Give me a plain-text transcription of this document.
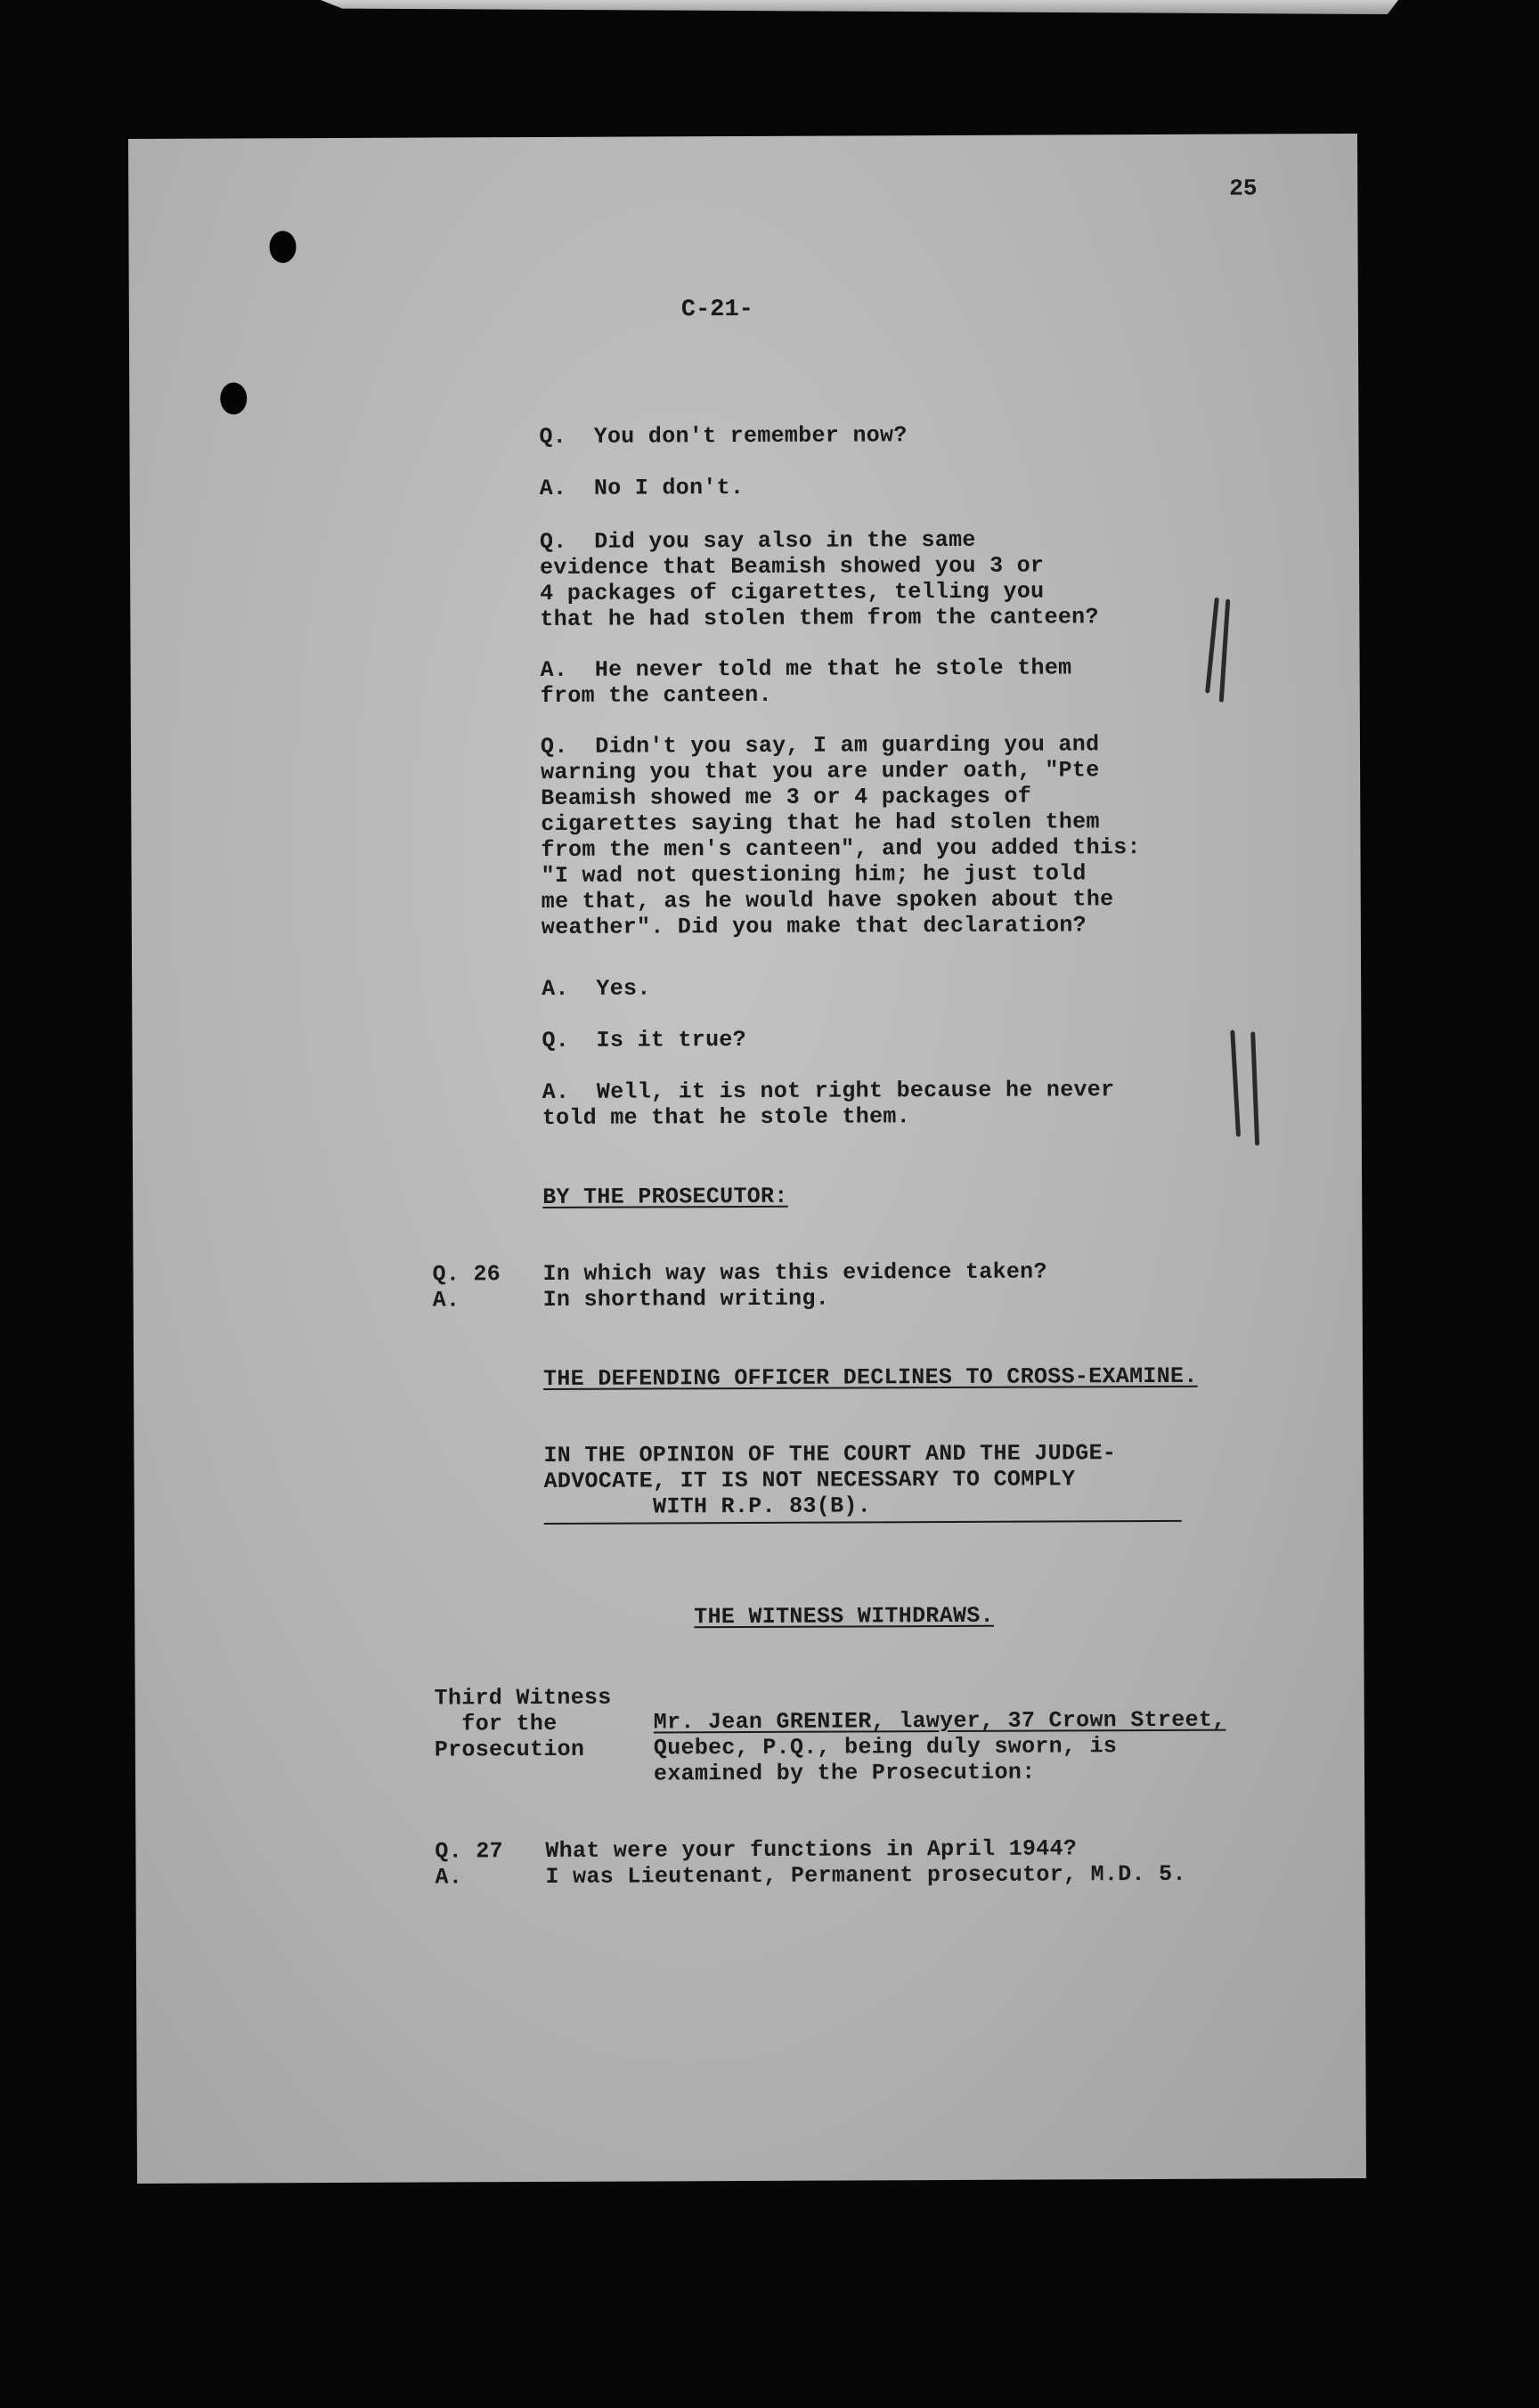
25
C-21-
Q.  You don't remember now?
A.  No I don't.
Q.  Did you say also in the same
evidence that Beamish showed you 3 or
4 packages of cigarettes, telling you
that he had stolen them from the canteen?
A.  He never told me that he stole them
from the canteen.
Q.  Didn't you say, I am guarding you and
warning you that you are under oath, "Pte
Beamish showed me 3 or 4 packages of
cigarettes saying that he had stolen them
from the men's canteen", and you added this:
"I wad not questioning him; he just told
me that, as he would have spoken about the
weather". Did you make that declaration?
A.  Yes.
Q.  Is it true?
A.  Well, it is not right because he never
told me that he stole them.
BY THE PROSECUTOR:
Q. 26
A.
In which way was this evidence taken?
In shorthand writing.
THE DEFENDING OFFICER DECLINES TO CROSS-EXAMINE.
IN THE OPINION OF THE COURT AND THE JUDGE-
ADVOCATE, IT IS NOT NECESSARY TO COMPLY
WITH R.P. 83(B).
THE WITNESS WITHDRAWS.
Third Witness
for the
Prosecution
Mr. Jean GRENIER, lawyer, 37 Crown Street,
Quebec, P.Q., being duly sworn, is
examined by the Prosecution:
Q. 27
A.
What were your functions in April 1944?
I was Lieutenant, Permanent prosecutor, M.D. 5.
